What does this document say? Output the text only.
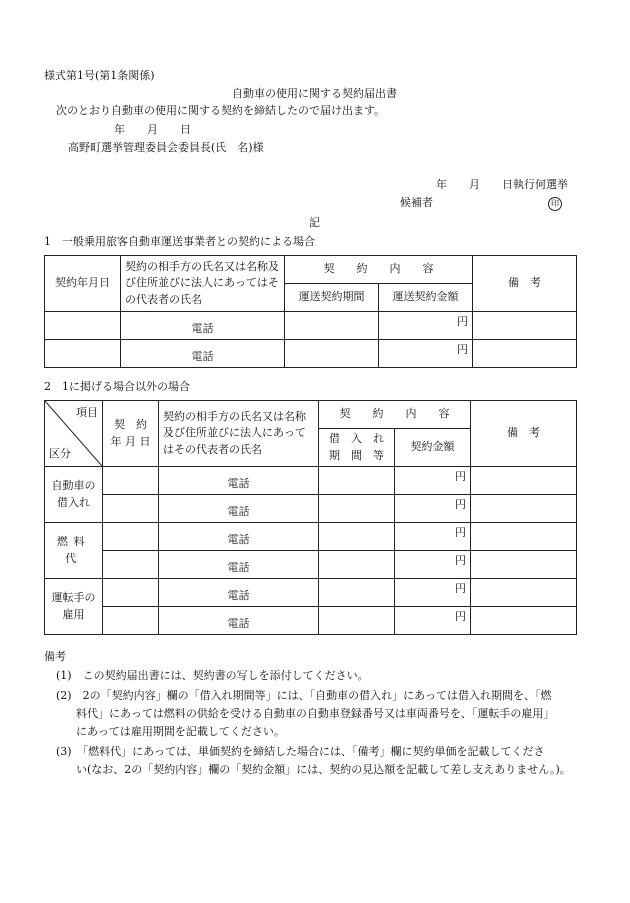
様式第1号(第1条関係)
自動車の使用に関する契約届出書
次のとおり自動車の使用に関する契約を締結したので届け出ます。
年　　月　　日
高野町選挙管理委員会委員長(氏　名)様
年　　月　　日執行何選挙
候補者	印
記
1　一般乗用旅客自動車運送事業者との契約による場合
契約年月日	契約の相手方の氏名又は名称及び住所並びに法人にあってはその代表者の氏名	契　　約　　内　　容		備　考
		運送契約期間	運送契約金額	
	電話		円	
	電話		円	
2　1に掲げる場合以外の場合
項目
区分	契　約 年 月 日	契約の相手方の氏名又は名称及び住所並びに法人にあってはその代表者の氏名	契　　約　　内　　容		備　考
			借　入　れ 期　間　等	契約金額	
自動車の借入れ		電話		円	
		電話		円	
燃料代		電話		円	
		電話		円	
運転手の雇用		電話		円	
		電話		円	
備考
(1)　この契約届出書には、契約書の写しを添付してください。
(2)　2の「契約内容」欄の「借入れ期間等」には、「自動車の借入れ」にあっては借入れ期間を、「燃
料代」にあっては燃料の供給を受ける自動車の自動車登録番号又は車両番号を、「運転手の雇用」
にあっては雇用期間を記載してください。
(3)　「燃料代」にあっては、単価契約を締結した場合には、「備考」欄に契約単価を記載してくださ
い(なお、2の「契約内容」欄の「契約金額」には、契約の見込額を記載して差し支えありません。)。
